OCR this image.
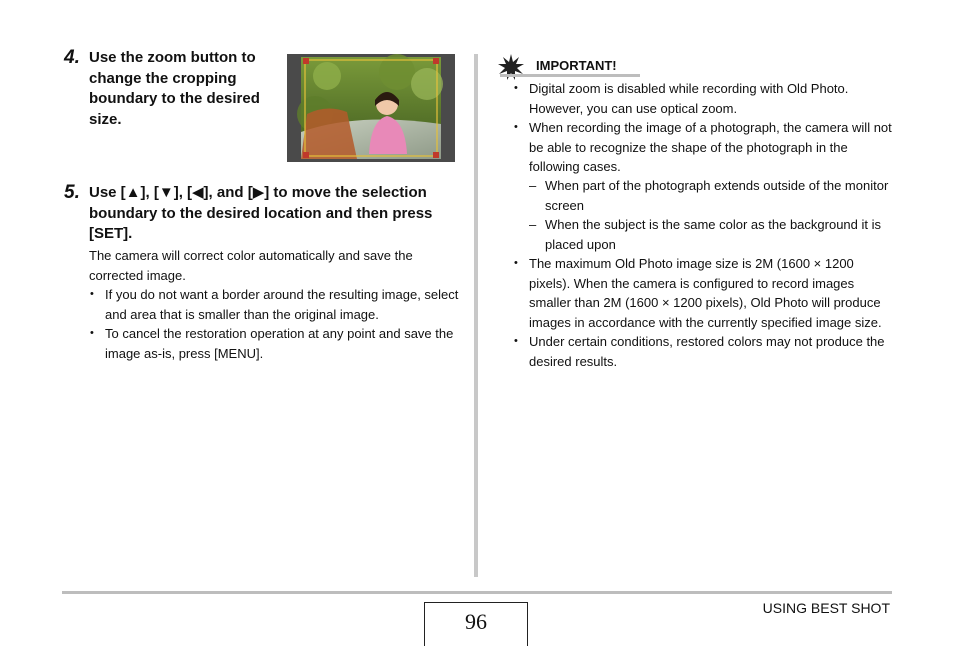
4. Use the zoom button to change the cropping boundary to the desired size.

5. Use [▲], [▼], [◀], and [▶] to move the selection boundary to the desired location and then press [SET].

The camera will correct color automatically and save the corrected image.

• If you do not want a border around the resulting image, select and area that is smaller than the original image.
• To cancel the restoration operation at any point and save the image as-is, press [MENU].
IMPORTANT!
• Digital zoom is disabled while recording with Old Photo. However, you can use optical zoom.
• When recording the image of a photograph, the camera will not be able to recognize the shape of the photograph in the following cases.
– When part of the photograph extends outside of the monitor screen
– When the subject is the same color as the background it is placed upon
• The maximum Old Photo image size is 2M (1600 × 1200 pixels). When the camera is configured to record images smaller than 2M (1600 × 1200 pixels), Old Photo will produce images in accordance with the currently specified image size.
• Under certain conditions, restored colors may not produce the desired results.
96
USING BEST SHOT
